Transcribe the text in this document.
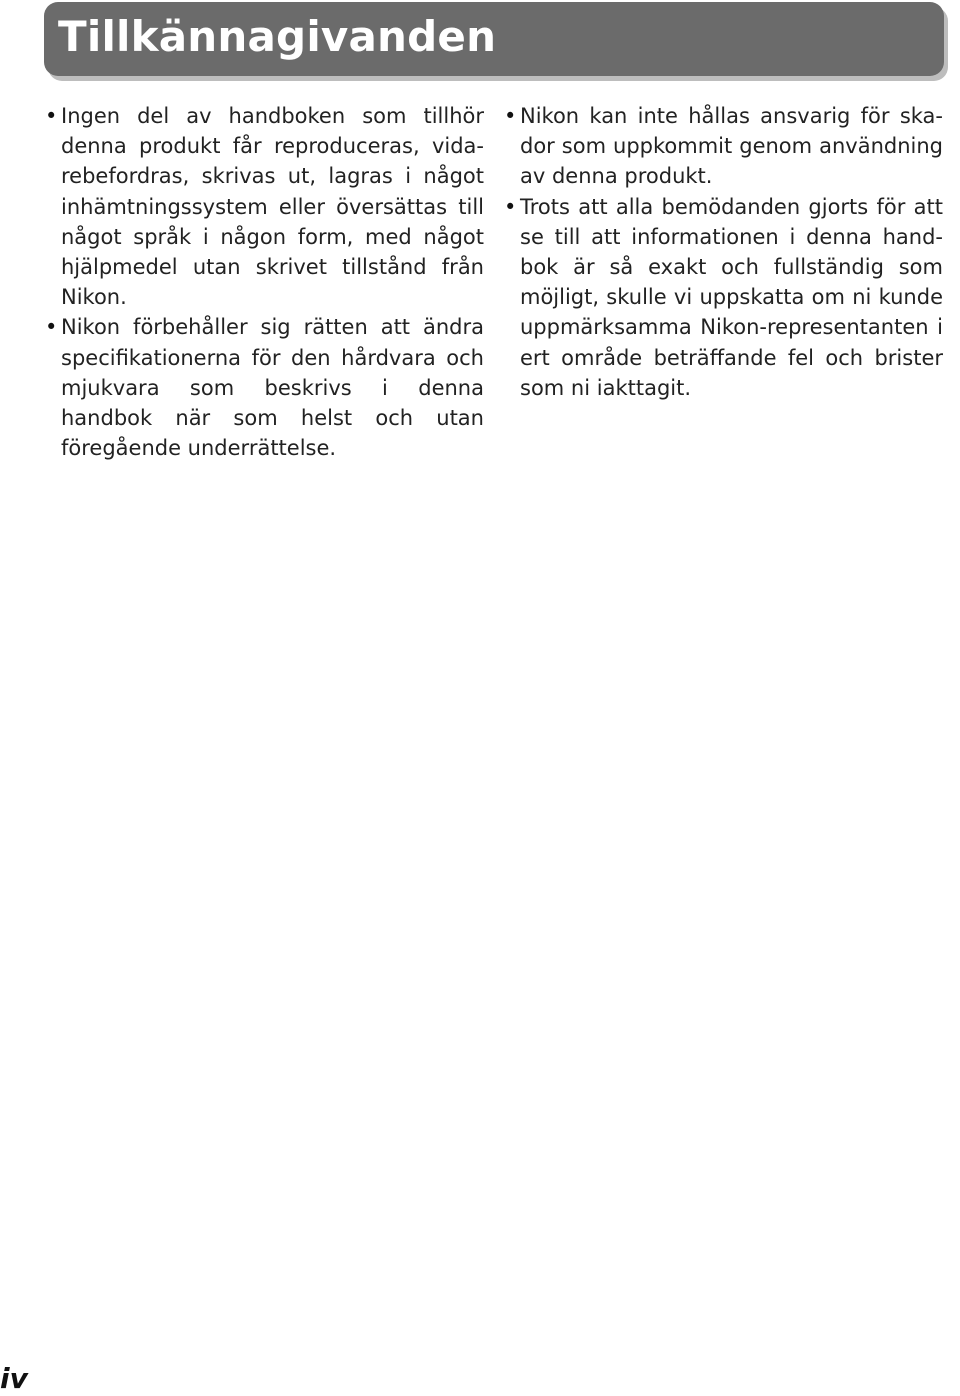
Tillkännagivanden
• Ingen del av handboken som tillhör denna produkt får reproduceras, vidarebefordras, skrivas ut, lagras i något inhämtningssystem eller översättas till något språk i någon form, med något hjälpmedel utan skrivet tillstånd från Nikon.
• Nikon förbehåller sig rätten att ändra specifikationerna för den hårdvara och mjukvara som beskrivs i denna handbok när som helst och utan föregående underrättelse.
• Nikon kan inte hållas ansvarig för skador som uppkommit genom användning av denna produkt.
• Trots att alla bemödanden gjorts för att se till att informationen i denna handbok är så exakt och fullständig som möjligt, skulle vi uppskatta om ni kunde uppmärksamma Nikon-representanten i ert område beträffande fel och brister som ni iakttagit.
iv
